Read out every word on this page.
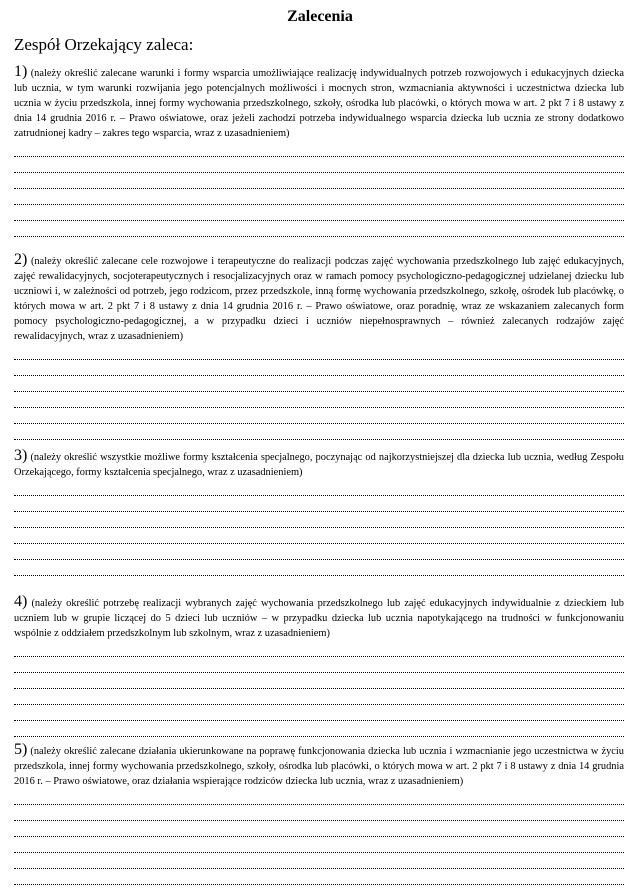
Zalecenia
Zespół Orzekający zaleca:

1) (należy określić zalecane warunki i formy wsparcia umożliwiające realizację indywidualnych potrzeb rozwojowych i edukacyjnych dziecka lub ucznia, w tym warunki rozwijania jego potencjalnych możliwości i mocnych stron, wzmacniania aktywności i uczestnictwa dziecka lub ucznia w życiu przedszkola, innej formy wychowania przedszkolnego, szkoły, ośrodka lub placówki, o których mowa w art. 2 pkt 7 i 8 ustawy z dnia 14 grudnia 2016 r. – Prawo oświatowe, oraz jeżeli zachodzi potrzeba indywidualnego wsparcia dziecka lub ucznia ze strony dodatkowo zatrudnionej kadry – zakres tego wsparcia, wraz z uzasadnieniem)

2) (należy określić zalecane cele rozwojowe i terapeutyczne do realizacji podczas zajęć wychowania przedszkolnego lub zajęć edukacyjnych, zajęć rewalidacyjnych, socjoterapeutycznych i resocjalizacyjnych oraz w ramach pomocy psychologiczno-pedagogicznej udzielanej dziecku lub uczniowi i, w zależności od potrzeb, jego rodzicom, przez przedszkole, inną formę wychowania przedszkolnego, szkołę, ośrodek lub placówkę, o których mowa w art. 2 pkt 7 i 8 ustawy z dnia 14 grudnia 2016 r. – Prawo oświatowe, oraz poradnię, wraz ze wskazaniem zalecanych form pomocy psychologiczno-pedagogicznej, a w przypadku dzieci i uczniów niepełnosprawnych – również zalecanych rodzajów zajęć rewalidacyjnych, wraz z uzasadnieniem)

3) (należy określić wszystkie możliwe formy kształcenia specjalnego, poczynając od najkorzystniejszej dla dziecka lub ucznia, według Zespołu Orzekającego, formy kształcenia specjalnego, wraz z uzasadnieniem)

4) (należy określić potrzebę realizacji wybranych zajęć wychowania przedszkolnego lub zajęć edukacyjnych indywidualnie z dzieckiem lub uczniem lub w grupie liczącej do 5 dzieci lub uczniów – w przypadku dziecka lub ucznia napotykającego na trudności w funkcjonowaniu wspólnie z oddziałem przedszkolnym lub szkolnym, wraz z uzasadnieniem)

5) (należy określić zalecane działania ukierunkowane na poprawę funkcjonowania dziecka lub ucznia i wzmacnianie jego uczestnictwa w życiu przedszkola, innej formy wychowania przedszkolnego, szkoły, ośrodka lub placówki, o których mowa w art. 2 pkt 7 i 8 ustawy z dnia 14 grudnia 2016 r. – Prawo oświatowe, oraz działania wspierające rodziców dziecka lub ucznia, wraz z uzasadnieniem)
